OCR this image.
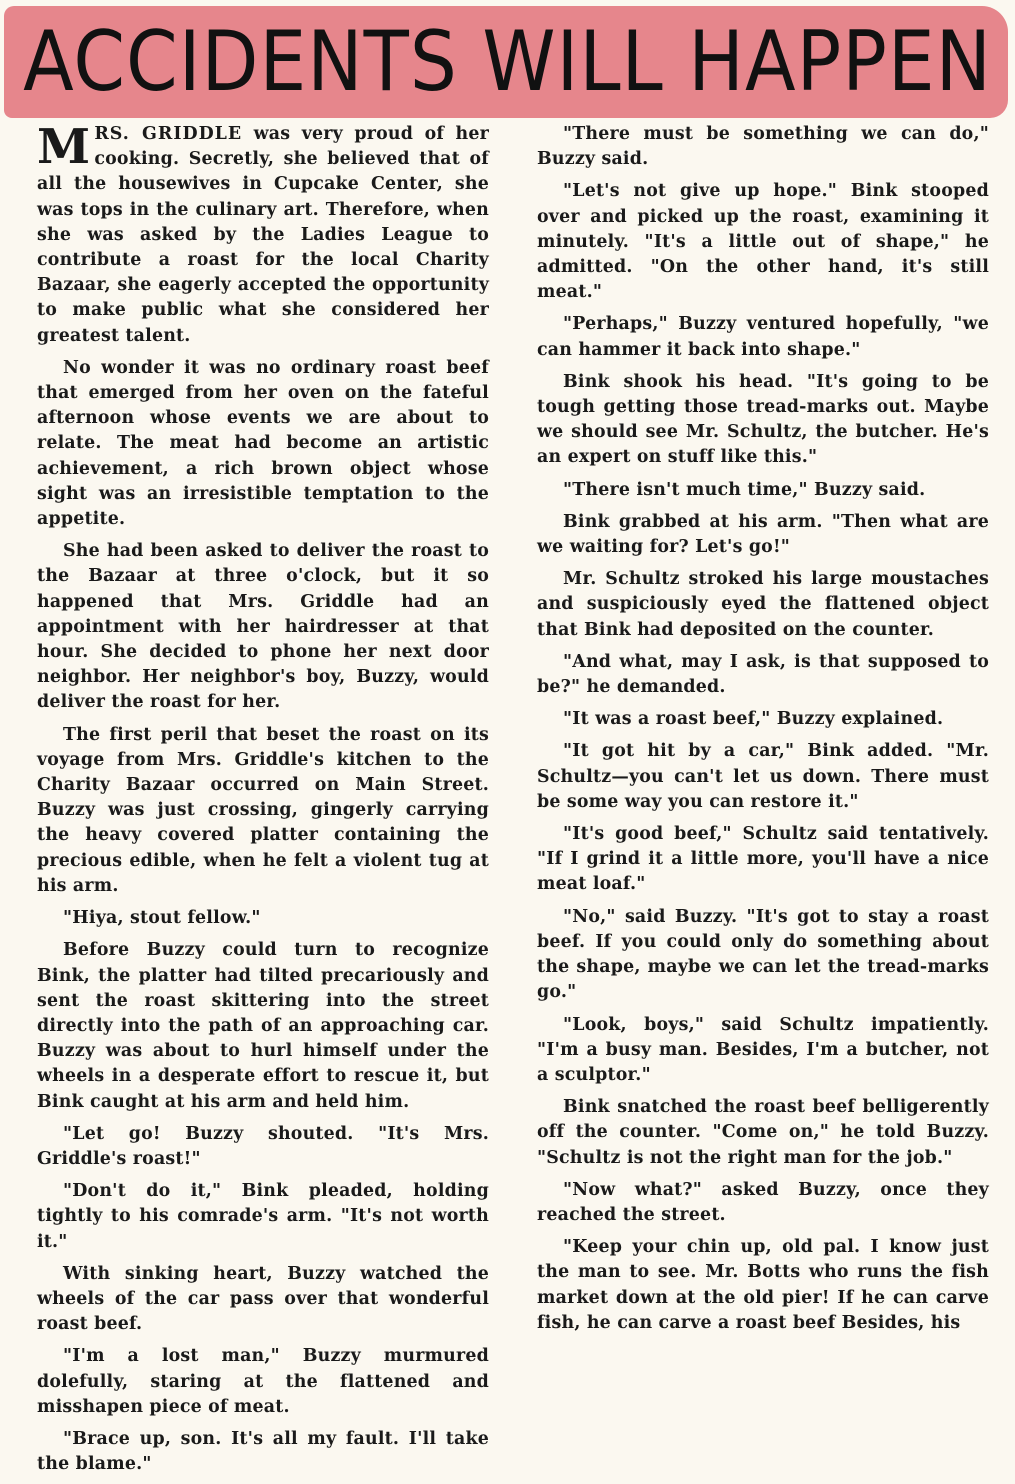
ACCIDENTS WILL HAPPEN

MRS. GRIDDLE was very proud of her cooking. Secretly, she believed that of all the housewives in Cupcake Center, she was tops in the culinary art. Therefore, when she was asked by the Ladies League to contribute a roast for the local Charity Bazaar, she eagerly accepted the opportunity to make public what she considered her greatest talent.

No wonder it was no ordinary roast beef that emerged from her oven on the fateful afternoon whose events we are about to relate. The meat had become an artistic achievement, a rich brown object whose sight was an irresistible temptation to the appetite.

She had been asked to deliver the roast to the Bazaar at three o'clock, but it so happened that Mrs. Griddle had an appointment with her hairdresser at that hour. She decided to phone her next door neighbor. Her neighbor's boy, Buzzy, would deliver the roast for her.

The first peril that beset the roast on its voyage from Mrs. Griddle's kitchen to the Charity Bazaar occurred on Main Street. Buzzy was just crossing, gingerly carrying the heavy covered platter containing the precious edible, when he felt a violent tug at his arm.

"Hiya, stout fellow."

Before Buzzy could turn to recognize Bink, the platter had tilted precariously and sent the roast skittering into the street directly into the path of an approaching car. Buzzy was about to hurl himself under the wheels in a desperate effort to rescue it, but Bink caught at his arm and held him.

"Let go! Buzzy shouted. "It's Mrs. Griddle's roast!"

"Don't do it," Bink pleaded, holding tightly to his comrade's arm. "It's not worth it."

With sinking heart, Buzzy watched the wheels of the car pass over that wonderful roast beef.

"I'm a lost man," Buzzy murmured dolefully, staring at the flattened and misshapen piece of meat.

"Brace up, son. It's all my fault. I'll take the blame."

"There must be something we can do," Buzzy said.

"Let's not give up hope." Bink stooped over and picked up the roast, examining it minutely. "It's a little out of shape," he admitted. "On the other hand, it's still meat."

"Perhaps," Buzzy ventured hopefully, "we can hammer it back into shape."

Bink shook his head. "It's going to be tough getting those tread-marks out. Maybe we should see Mr. Schultz, the butcher. He's an expert on stuff like this."

"There isn't much time," Buzzy said.

Bink grabbed at his arm. "Then what are we waiting for? Let's go!"

Mr. Schultz stroked his large moustaches and suspiciously eyed the flattened object that Bink had deposited on the counter.

"And what, may I ask, is that supposed to be?" he demanded.

"It was a roast beef," Buzzy explained.

"It got hit by a car," Bink added. "Mr. Schultz—you can't let us down. There must be some way you can restore it."

"It's good beef," Schultz said tentatively. "If I grind it a little more, you'll have a nice meat loaf."

"No," said Buzzy. "It's got to stay a roast beef. If you could only do something about the shape, maybe we can let the tread-marks go."

"Look, boys," said Schultz impatiently. "I'm a busy man. Besides, I'm a butcher, not a sculptor."

Bink snatched the roast beef belligerently off the counter. "Come on," he told Buzzy. "Schultz is not the right man for the job."

"Now what?" asked Buzzy, once they reached the street.

"Keep your chin up, old pal. I know just the man to see. Mr. Botts who runs the fish market down at the old pier! If he can carve fish, he can carve a roast beef Besides, his
